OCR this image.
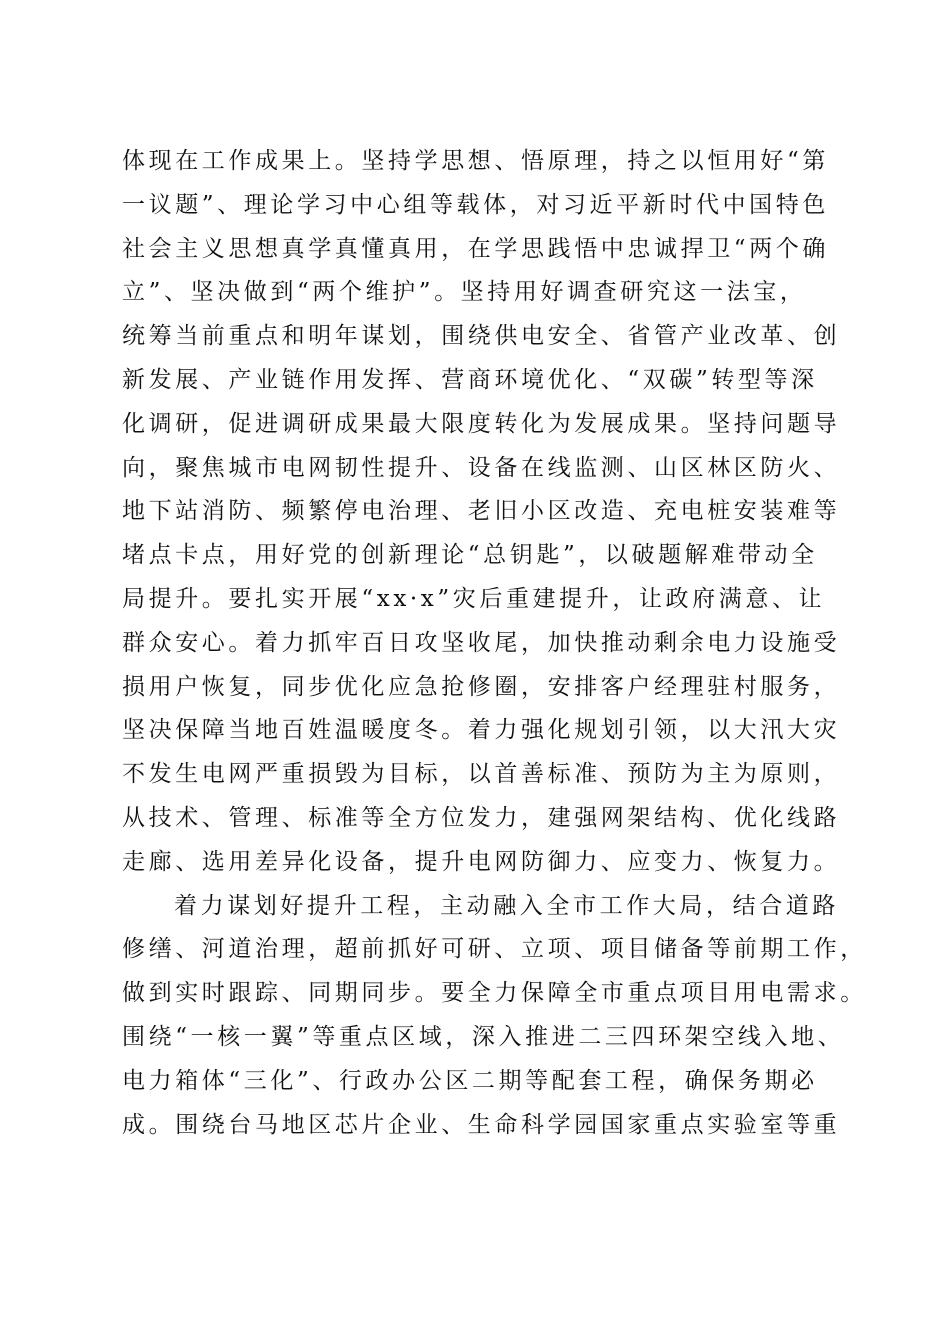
体现在工作成果上。坚持学思想、悟原理，持之以恒用好“第
一议题”、理论学习中心组等载体，对习近平新时代中国特色
社会主义思想真学真懂真用，在学思践悟中忠诚捍卫“两个确
立”、坚决做到“两个维护”。坚持用好调查研究这一法宝，
统筹当前重点和明年谋划，围绕供电安全、省管产业改革、创
新发展、产业链作用发挥、营商环境优化、“双碳”转型等深
化调研，促进调研成果最大限度转化为发展成果。坚持问题导
向，聚焦城市电网韧性提升、设备在线监测、山区林区防火、
地下站消防、频繁停电治理、老旧小区改造、充电桩安装难等
堵点卡点，用好党的创新理论“总钥匙”，以破题解难带动全
局提升。要扎实开展“xx·x”灾后重建提升，让政府满意、让
群众安心。着力抓牢百日攻坚收尾，加快推动剩余电力设施受
损用户恢复，同步优化应急抢修圈，安排客户经理驻村服务，
坚决保障当地百姓温暖度冬。着力强化规划引领，以大汛大灾
不发生电网严重损毁为目标，以首善标准、预防为主为原则，
从技术、管理、标准等全方位发力，建强网架结构、优化线路
走廊、选用差异化设备，提升电网防御力、应变力、恢复力。
着力谋划好提升工程，主动融入全市工作大局，结合道路
修缮、河道治理，超前抓好可研、立项、项目储备等前期工作，
做到实时跟踪、同期同步。要全力保障全市重点项目用电需求。
围绕“一核一翼”等重点区域，深入推进二三四环架空线入地、
电力箱体“三化”、行政办公区二期等配套工程，确保务期必
成。围绕台马地区芯片企业、生命科学园国家重点实验室等重
